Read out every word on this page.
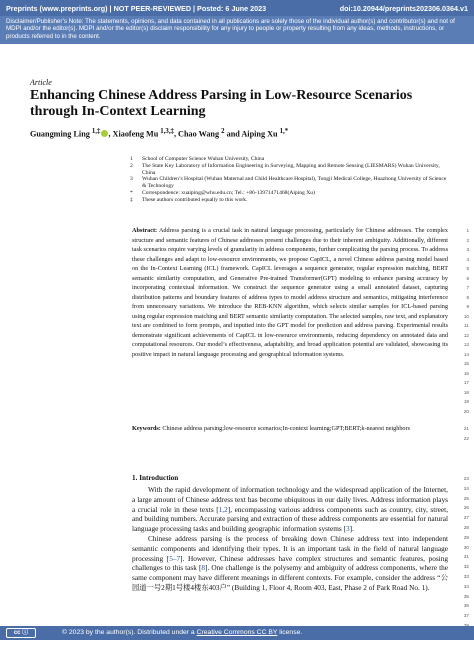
Preprints (www.preprints.org) | NOT PEER-REVIEWED | Posted: 6 June 2023	doi:10.20944/preprints202306.0364.v1
Disclaimer/Publisher’s Note: The statements, opinions, and data contained in all publications are solely those of the individual author(s) and contributor(s) and not of MDPI and/or the editor(s). MDPI and/or the editor(s) disclaim responsibility for any injury to people or property resulting from any ideas, methods, instructions, or products referred to in the content.
Article
Enhancing Chinese Address Parsing in Low-Resource Scenarios through In-Context Learning
Guangming Ling $^{1,\ddagger}$ , Xiaofeng Mu $^{1,3,\ddagger}$, Chao Wang $^2$ and Aiping Xu $^{1,*}$
1	School of Computer Science Wuhan University, China
2	The State Key Laboratory of Information Engineering in Surveying, Mapping and Remote Sensing (LIESMARS) Wuhan University, China
3	Wuhan Children’s Hospital (Wuhan Maternal and Child Healthcare Hospital), Tongji Medical College, Huazhong University of Science & Technology
*	Correspondence: xuaiping@whu.edu.cn; Tel.: +86-13971471468(Aiping Xu)
‡	These authors contributed equally to this work.
Abstract: Address parsing is a crucial task in natural language processing, particularly for Chinese addresses. The complex structure and semantic features of Chinese addresses present challenges due to their inherent ambiguity. Additionally, different task scenarios require varying levels of granularity in address components, further complicating the parsing process. To address these challenges and adapt to low-resource environments, we propose CapICL, a novel Chinese address parsing model based on the In-Context Learning (ICL) framework. CapICL leverages a sequence generator, regular expression matching, BERT semantic similarity computation, and Generative Pre-trained Transformer(GPT) modeling to enhance parsing accuracy by incorporating contextual information. We construct the sequence generator using a small annotated dataset, capturing distribution patterns and boundary features of address types to model address structure and semantics, mitigating interference from unnecessary variations. We introduce the REB-KNN algorithm, which selects similar samples for ICL-based parsing using regular expression matching and BERT semantic similarity computation. The selected samples, raw text, and explanatory text are combined to form prompts, and inputted into the GPT model for prediction and address parsing. Experimental results demonstrate significant achievements of CapICL in low-resource environments, reducing dependency on annotated data and computational resources. Our model’s effectiveness, adaptability, and broad application potential are validated, showcasing its positive impact in natural language processing and geographical information systems.
1
2
3
4
5
6
7
8
9
10
11
12
13
14
15
16
17
18
19
20
Keywords: Chinese address parsing;low-resource scenarios;In-context learning;GPT;BERT;k-nearest neighbors	21
22
1. Introduction

With the rapid development of information technology and the widespread application of the Internet, a large amount of Chinese address text has become ubiquitous in our daily lives. Address information plays a crucial role in these texts [1,2], encompassing various address components such as country, city, street, and building numbers. Accurate parsing and extraction of these address components are essential for natural language processing tasks and building geographic information systems [3].

Chinese address parsing is the process of breaking down Chinese address text into independent semantic components and identifying their types. It is an important task in the field of natural language processing [5–7]. However, Chinese addresses have complex structures and semantic features, posing challenges to this task [8]. One challenge is the polysemy and ambiguity of address components, where the same component may have different meanings in different contexts. For example, consider the address “公园道一号2期1号楼4楼东403户” (Building 1, Floor 4, Room 403, East, Phase 2 of Park Road No. 1).

23
24
25
26
27
28
29
30
31
32
33
34
35
36
37
cc ⓘ	© 2023 by the author(s). Distributed under a Creative Commons CC BY license.
